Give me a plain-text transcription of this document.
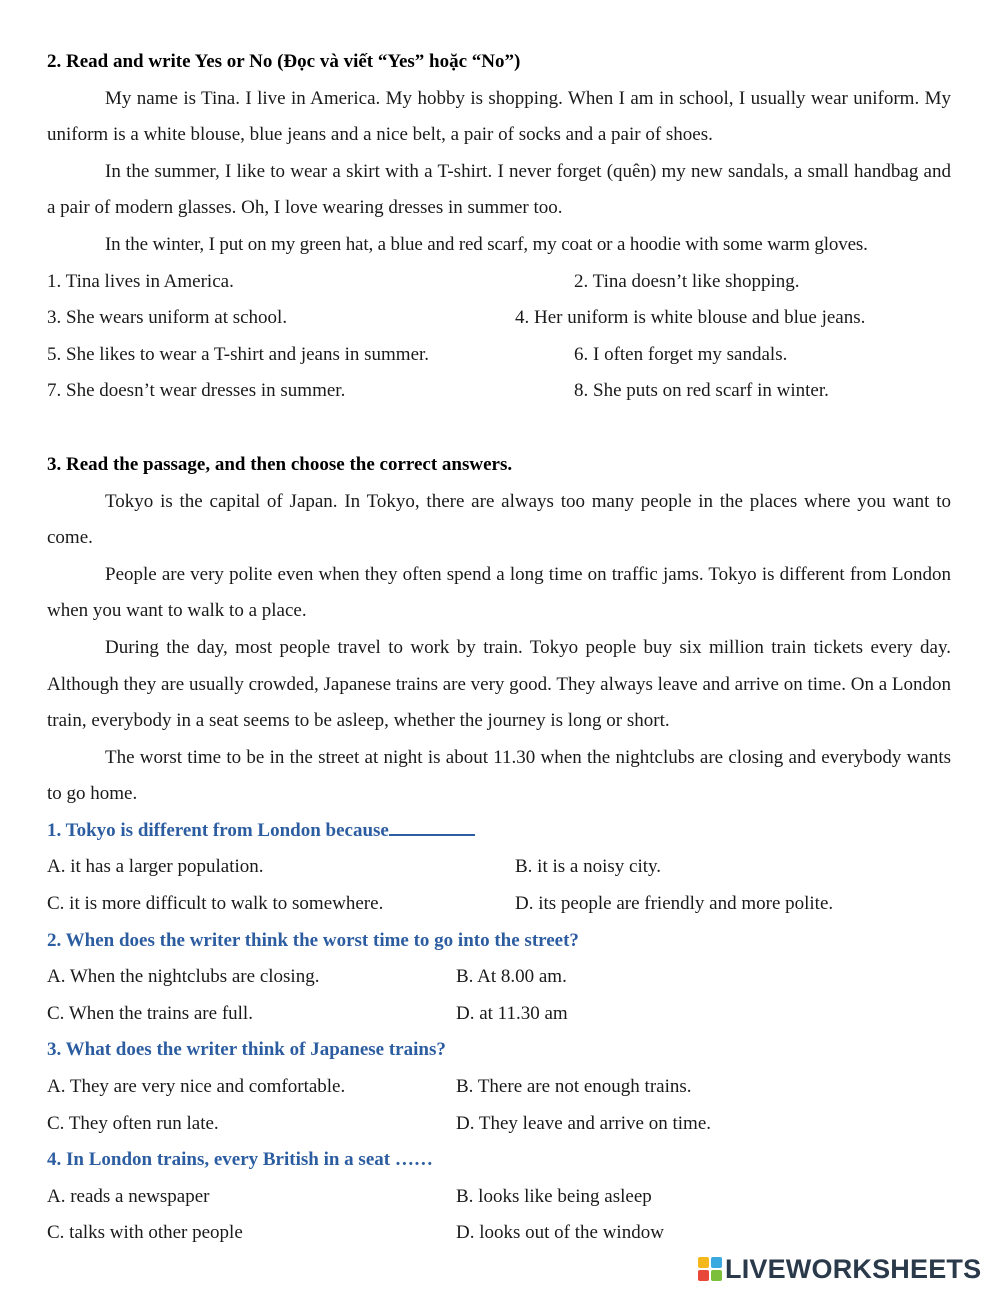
2. Read and write Yes or No (Đọc và viết “Yes” hoặc “No”)

My name is Tina. I live in America. My hobby is shopping. When I am in school, I usually wear uniform. My uniform is a white blouse, blue jeans and a nice belt, a pair of socks and a pair of shoes.

In the summer, I like to wear a skirt with a T-shirt. I never forget (quên) my new sandals, a small handbag and a pair of modern glasses. Oh, I love wearing dresses in summer too.

In the winter, I put on my green hat, a blue and red scarf, my coat or a hoodie with some warm gloves.

1. Tina lives in America.	2. Tina doesn’t like shopping.
3. She wears uniform at school.	4. Her uniform is white blouse and blue jeans.
5. She likes to wear a T-shirt and jeans in summer.	6. I often forget my sandals.
7. She doesn’t wear dresses in summer.	8. She puts on red scarf in winter.
3. Read the passage, and then choose the correct answers.

Tokyo is the capital of Japan. In Tokyo, there are always too many people in the places where you want to come.

People are very polite even when they often spend a long time on traffic jams. Tokyo is different from London when you want to walk to a place.

During the day, most people travel to work by train. Tokyo people buy six million train tickets every day. Although they are usually crowded, Japanese trains are very good. They always leave and arrive on time. On a London train, everybody in a seat seems to be asleep, whether the journey is long or short.

The worst time to be in the street at night is about 11.30 when the nightclubs are closing and everybody wants to go home.

1. Tokyo is different from London because
A. it has a larger population.	B. it is a noisy city.
C. it is more difficult to walk to somewhere.	D. its people are friendly and more polite.
2. When does the writer think the worst time to go into the street?
A. When the nightclubs are closing.	B. At 8.00 am.
C. When the trains are full.	D. at 11.30 am
3. What does the writer think of Japanese trains?
A. They are very nice and comfortable.	B. There are not enough trains.
C. They often run late.	D. They leave and arrive on time.
4. In London trains, every British in a seat ……
A. reads a newspaper	B. looks like being asleep
C. talks with other people	D. looks out of the window
LIVEWORKSHEETS
